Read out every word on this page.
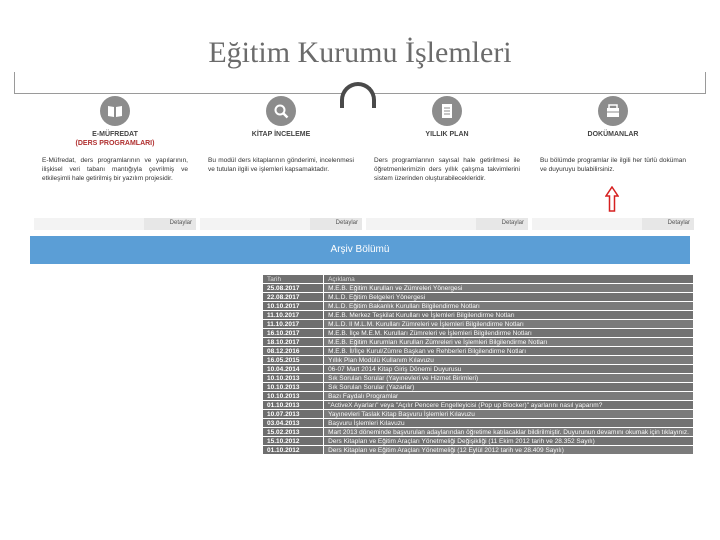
Eğitim Kurumu İşlemleri
E-MÜFREDAT
(DERS PROGRAMLARI)
E-Müfredat, ders programlarının ve yapılarının, ilişkisel veri tabanı mantığıyla çevrilmiş ve etkileşimli hale getirilmiş bir yazılım projesidir.
Detaylar
KİTAP İNCELEME
Bu modül ders kitaplarının gönderimi, incelenmesi ve tutulan ilgili ve işlemleri kapsamaktadır.
Detaylar
YILLIK PLAN
Ders programlarının sayısal hale getirilmesi ile öğretmenlerimizin ders yıllık çalışma takvimlerini sistem üzerinden oluşturabilecekleridir.
Detaylar
DOKÜMANLAR
Bu bölümde programlar ile ilgili her türlü doküman ve duyuruyu bulabilirsiniz.
Detaylar
Arşiv Bölümü
Tarih	Açıklama
25.08.2017	M.E.B. Eğitim Kurulları ve Zümreleri Yönergesi
22.08.2017	M.L.D. Eğitim Belgeleri Yönergesi
10.10.2017	M.L.D. Eğitim Bakanlık Kurulları Bilgilendirme Notları
11.10.2017	M.E.B. Merkez Teşkilat Kurulları ve İşlemleri Bilgilendirme Notları
11.10.2017	M.L.D. Il M.L.M. Kurulları Zümreleri ve İşlemleri Bilgilendirme Notları
16.10.2017	M.E.B. İlçe M.E.M. Kurulları Zümreleri ve İşlemleri Bilgilendirme Notları
18.10.2017	M.E.B. Eğitim Kurumları Kurulları Zümreleri ve İşlemleri Bilgilendirme Notları
08.12.2016	M.E.B. İl/İlçe Kurul/Zümre Başkan ve Rehberleri Bilgilendirme Notları
16.05.2015	Yıllık Plan Modülü Kullanım Kılavuzu
10.04.2014	06-07 Mart 2014 Kitap Giriş Dönemi Duyurusu
10.10.2013	Sık Sorulan Sorular (Yayınevleri ve Hizmet Birimleri)
10.10.2013	Sık Sorulan Sorular (Yazarlar)
10.10.2013	Bazı Faydalı Programlar
01.10.2013	"ActiveX Ayarları" veya "Açılır Pencere Engelleyicisi (Pop up Blocker)" ayarlarını nasıl yaparım?
10.07.2013	Yayınevleri Taslak Kitap Başvuru İşlemleri Kılavuzu
03.04.2013	Başvuru İşlemleri Kılavuzu
15.02.2013	Mart 2013 döneminde başvurulan adaylarından öğretime katılacaklar bildirilmiştir. Duyurunun devamını okumak için tıklayınız.
15.10.2012	Ders Kitapları ve Eğitim Araçları Yönetmeliği Değişikliği (11 Ekim 2012 tarih ve 28.352 Sayılı)
01.10.2012	Ders Kitapları ve Eğitim Araçları Yönetmeliği (12 Eylül 2012 tarih ve 28.409 Sayılı)
